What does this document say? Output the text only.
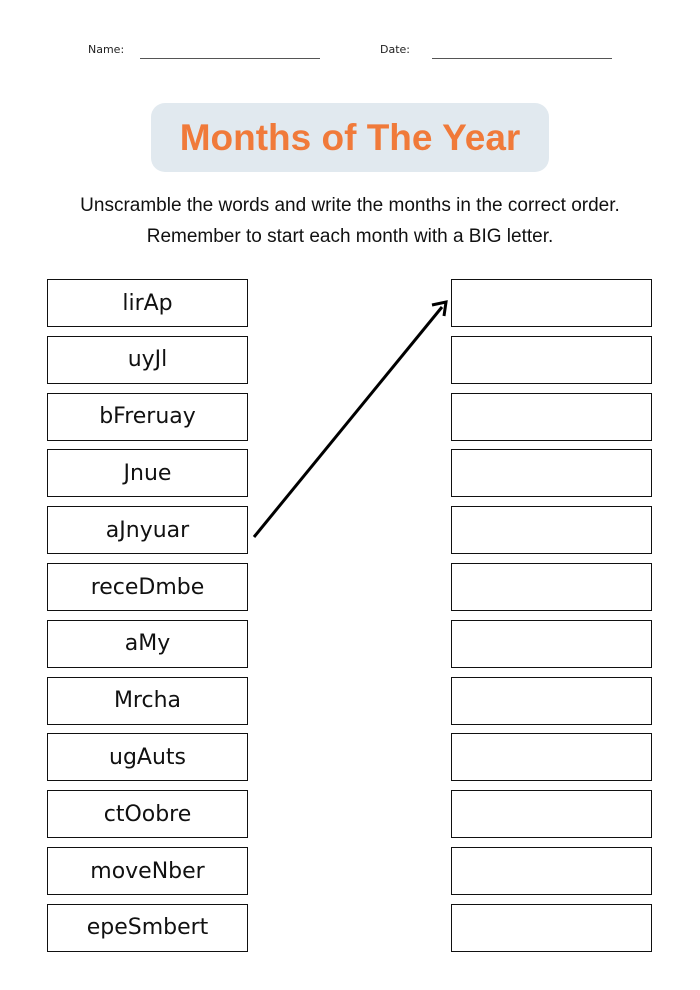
Name:	Date:
Months of The Year
Unscramble the words and write the months in the correct order.
Remember to start each month with a BIG letter.
lirAp
uyJl
bFreruay
Jnue
aJnyuar
receDmbe
aMy
Mrcha
ugAuts
ctOobre
moveNber
epeSmbert
